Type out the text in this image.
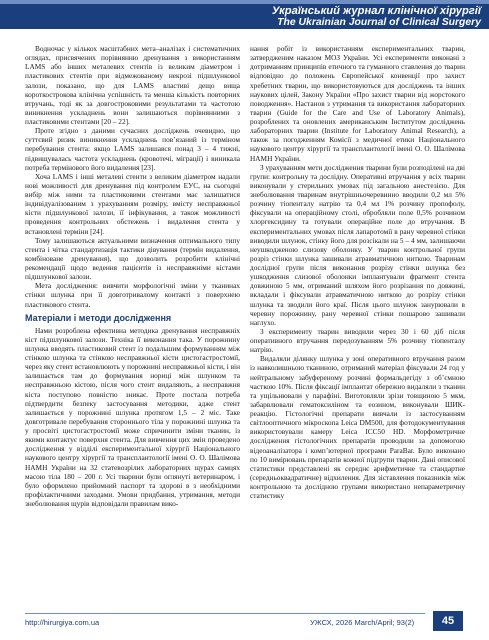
Український журнал клінічної хірургії
The Ukrainian Journal of Clinical Surgery

Водночас у кількох масштабних мета–аналізах і систематичних оглядах, присвячених порівнянню дренування з використанням LAMS або інших металевих стентів із великим діаметром і пластикових стентів при відмежованому некрозі підшлункової залози, показано, що для LAMS властиві дещо вища короткострокова клінічна успішність та менша кількість повторних втручань, тоді як за довгостроковими результатами та частотою виникнення ускладнень вони залишаються порівнянними з пластиковими стентами [20 – 22].

Проте згідно з даними сучасних досліджень очевидно, що суттєвий ризик виникнення ускладнень пов’язаний із терміном перебування стента: якщо LAMS залишався понад 3 – 4 тижні, підвищувалась частота ускладнень (кровотечі, міграції) і виникала потреба термінового його видалення [23].

Хоча LAMS і інші металеві стенти з великим діаметром надали нові можливості для дренування під контролем ЕУС, на сьогодні вибір між ними та пластиковими стентами має залишатися індивідуалізованим з урахуванням розміру, вмісту несправжньої кісти підшлункової залози, її інфікування, а також можливості проведення контрольних обстежень і видалення стента у встановлені терміни [24].

Тому залишаються актуальними визначення оптимального типу стента і чітка стандартизація тактики дівування (термін видалення, комбіноване дренування), що дозволить розробити клінічні рекомендації щодо ведення пацієнтів із несправжніми кістами підшлункової залози.

Мета дослідження: вивчити морфологічні зміни у тканинах стінки шлунка при її довготривалому контакті з поверхнею пластикового стента.

Матеріали і методи дослідження

Нами розроблена ефективна методика дренування несправжніх кіст підшлункової залози. Техніка її виконання така. У порожнину шлунка вводять пластиковий стент із подальшим формуванням між стінкою шлунка та стінкою несправжньої кісти цистогастростомії, через яку стент встановлюють у порожнині несправжньої кісти, і він залишається там до формування нориці між шлунком та несправжньою кістою, після чого стент видаляють, а несправжня кіста поступово повністю зникає. Проте постала потреба підтвердити безпеку застосування методики, адже стент залишається у порожнині шлунка протягом 1,5 – 2 міс. Таке довготривале перебування стороннього тіла у порожнині шлунка та у просвіті цистогастростомії може спричинити зміни тканин, із якими контактує поверхня стента. Для вивчення цих змін проведено дослідження у відділі експериментальної хірургії Національного наукового центру хірургії та трансплантології імені О. О. Шалімова НАМН України на 32 статевозрілих лабораторних щурах самцях масою тіла 180 – 200 г. Усі тварини були оглянуті ветеринаром, і було оформлено прийомний паспорт та здорові в з необхідними профілактичними заходами. Умови придбання, утримання, методи знеболювання щурів відповідали правилам вико-

нання робіт із використанням експериментальних тварин, затвердженим наказом МОЗ України. Усі експерименти виконані з дотриманням принципів етичного та гуманного ставлення до тварин відповідно до положень Європейської конвенції про захист хребетних тварин, що використовуються для досліджень та інших наукових цілей, Закону України «Про захист тварин від жорстокого поводження». Настанов з утримання та використання лабораторних тварин (Guide for the Care and Use of Laboratory Animals), розроблених та оновлених американським Інститутом досліджень лабораторних тварин (Institute for Laboratory Animal Research), а також за погодженням Комісії з медичної етики Національного наукового центру хірургії та трансплантології імені О. О. Шалімова НАМН України.

З урахуванням мети дослідження тварини були розподілені на дві групи: контрольну та дослідну. Оперативні втручання у всіх тварин виконували у стерильних умовах під загальною анестезією. Для знеболювання тваринам внутрішньочеревинно вводили 0,2 мл 5% розчину тіопенталу натрію та 0,4 мл 1% розчину пропофолу, фіксували на операційному столі, обробляли поле 0,5% розчином хлоргексидину та готували операційне поле до втручання. В експериментальних умовах після лапаротомії в рану черевної стінки виводили шлунок, стінку його для розсікали на 5 – 4 мм, залишаючи неушкодженою слизову оболонку. У тварин контрольної групи розріз стінки шлунка зашивали атравматичною ниткою. Тваринам дослідної групи після виконання розрізу стінки шлунка без ушкодження слизової оболонки імплантували фрагмент стента довжиною 5 мм, отриманий шляхом його розрізання по довжині, вкладали і фіксували атравматичною ниткою до розрізу стінки шлунка та зводили його краї. Після цього шлунок занурювали в черевну порожнину, рану черевної стінки пошарово зашивали наглухо.

З експерименту тварин виводили через 30 і 60 діб після оперативного втручання передозуванням 5% розчину тіопенталу натрію.

Видаляли ділянку шлунка у зоні оперативного втручання разом із навколишньою тканиною, отриманий матеріал фіксували 24 год у нейтральному забуференому розчині формальдегіду з об’ємною часткою 10%. Після фіксації імплантат обережно видаляли з тканин та ущільнювали у парафіні. Виготовляли зрізи товщиною 5 мкм, забарвлювали гематоксиліном та еозином, виконували ШИК-реакцію. Гістологічні препарати вивчали із застосуванням світлооптичного мікроскопа Leica DM500, для фотодокументування використовували камеру Leica ICC50 HD. Морфометричне дослідження гістологічних препаратів проводили за допомогою відеоаналізатора і комп’ютерної програми ParaBar. Було виконано по 10 вимірювань препаратів кожної підгрупи тварин. Дані описової статистики представлені як середнє арифметичне та стандартне (середньоквадратичне) відхилення. Для зіставлення показників між контрольною та дослідною групами використано непараметричну статистику

http://hirurgiya.com.ua	УЖСХ, 2026 March/April; 93(2)	45
